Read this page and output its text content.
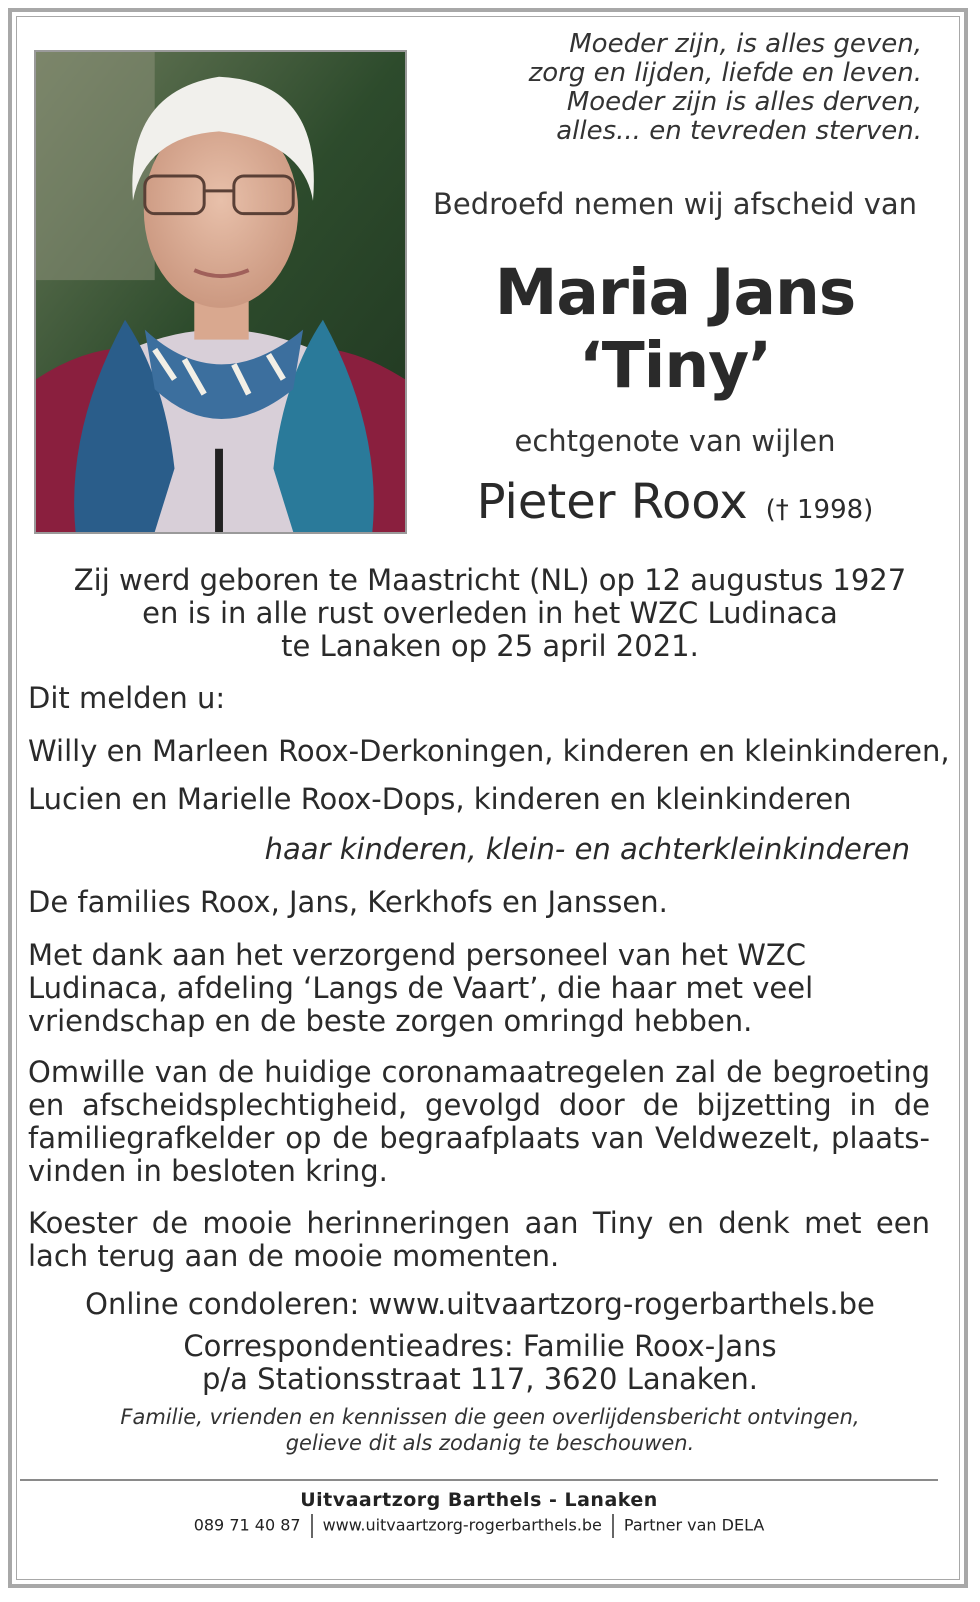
Moeder zijn, is alles geven,
zorg en lijden, liefde en leven.
Moeder zijn is alles derven,
alles... en tevreden sterven.
Bedroefd nemen wij afscheid van
Maria Jans
‘Tiny’
echtgenote van wijlen
Pieter Roox († 1998)
Zij werd geboren te Maastricht (NL) op 12 augustus 1927
en is in alle rust overleden in het WZC Ludinaca
te Lanaken op 25 april 2021.
Dit melden u:
Willy en Marleen Roox-Derkoningen, kinderen en kleinkinderen,
Lucien en Marielle Roox-Dops, kinderen en kleinkinderen
haar kinderen, klein- en achterkleinkinderen
De families Roox, Jans, Kerkhofs en Janssen.
Met dank aan het verzorgend personeel van het WZC Ludinaca, afdeling ‘Langs de Vaart’, die haar met veel vriendschap en de beste zorgen omringd hebben.
Omwille van de huidige coronamaatregelen zal de begroeting en afscheidsplechtigheid, gevolgd door de bijzetting in de familiegrafkelder op de begraafplaats van Veldwezelt, plaats-vinden in besloten kring.
Koester de mooie herinneringen aan Tiny en denk met een lach terug aan de mooie momenten.
Online condoleren: www.uitvaartzorg-rogerbarthels.be
Correspondentieadres: Familie Roox-Jans
p/a Stationsstraat 117, 3620 Lanaken.
Familie, vrienden en kennissen die geen overlijdensbericht ontvingen,
gelieve dit als zodanig te beschouwen.
Uitvaartzorg Barthels - Lanaken
089 71 40 87 www.uitvaartzorg-rogerbarthels.be Partner van DELA
